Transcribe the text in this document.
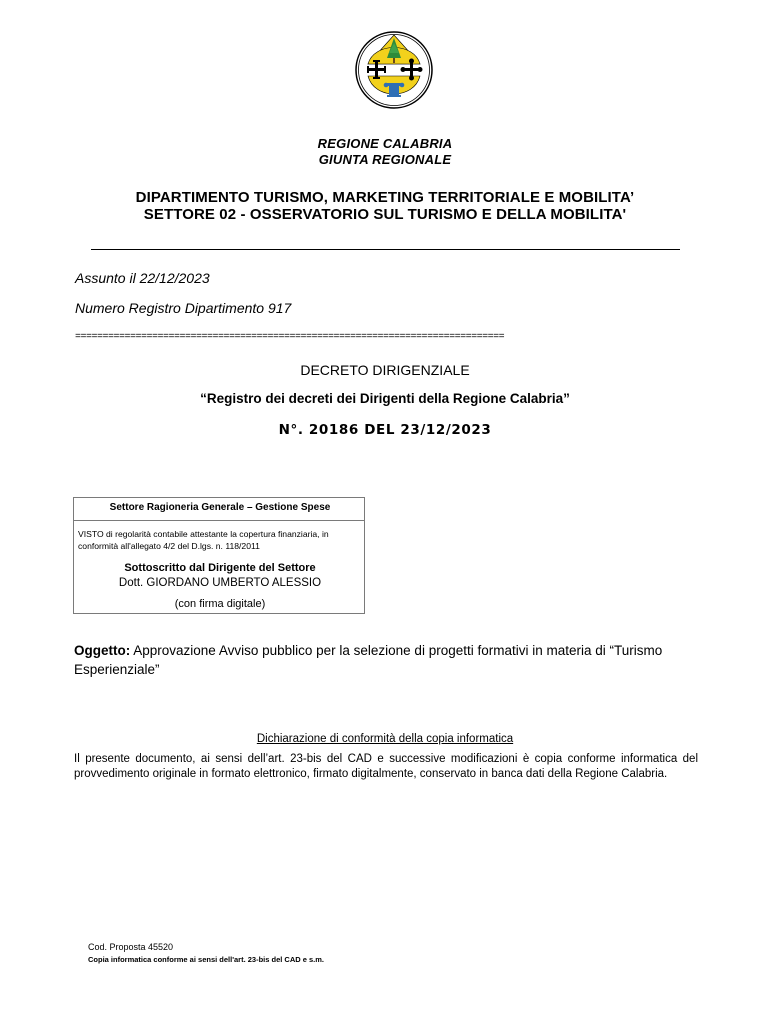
REGIONE CALABRIA
GIUNTA REGIONALE
DIPARTIMENTO TURISMO, MARKETING TERRITORIALE E MOBILITA’
SETTORE 02 - OSSERVATORIO SUL TURISMO E DELLA MOBILITA'
Assunto il 22/12/2023
Numero Registro Dipartimento 917
==============================================================================
DECRETO DIRIGENZIALE
“Registro dei decreti dei Dirigenti della Regione Calabria”
N°. 20186 DEL 23/12/2023
Settore Ragioneria Generale – Gestione Spese
VISTO di regolarità contabile attestante la copertura finanziaria, in conformità all'allegato 4/2 del D.lgs. n. 118/2011
Sottoscritto dal Dirigente del Settore
Dott. GIORDANO UMBERTO ALESSIO
(con firma digitale)
Oggetto: Approvazione Avviso pubblico per la selezione di progetti formativi in materia di “Turismo Esperienziale”
Dichiarazione di conformità della copia informatica
Il presente documento, ai sensi dell’art. 23-bis del CAD e successive modificazioni è copia conforme informatica del provvedimento originale in formato elettronico, firmato digitalmente, conservato in banca dati della Regione Calabria.
Cod. Proposta 45520
Copia informatica conforme ai sensi dell'art. 23-bis del CAD e s.m.
